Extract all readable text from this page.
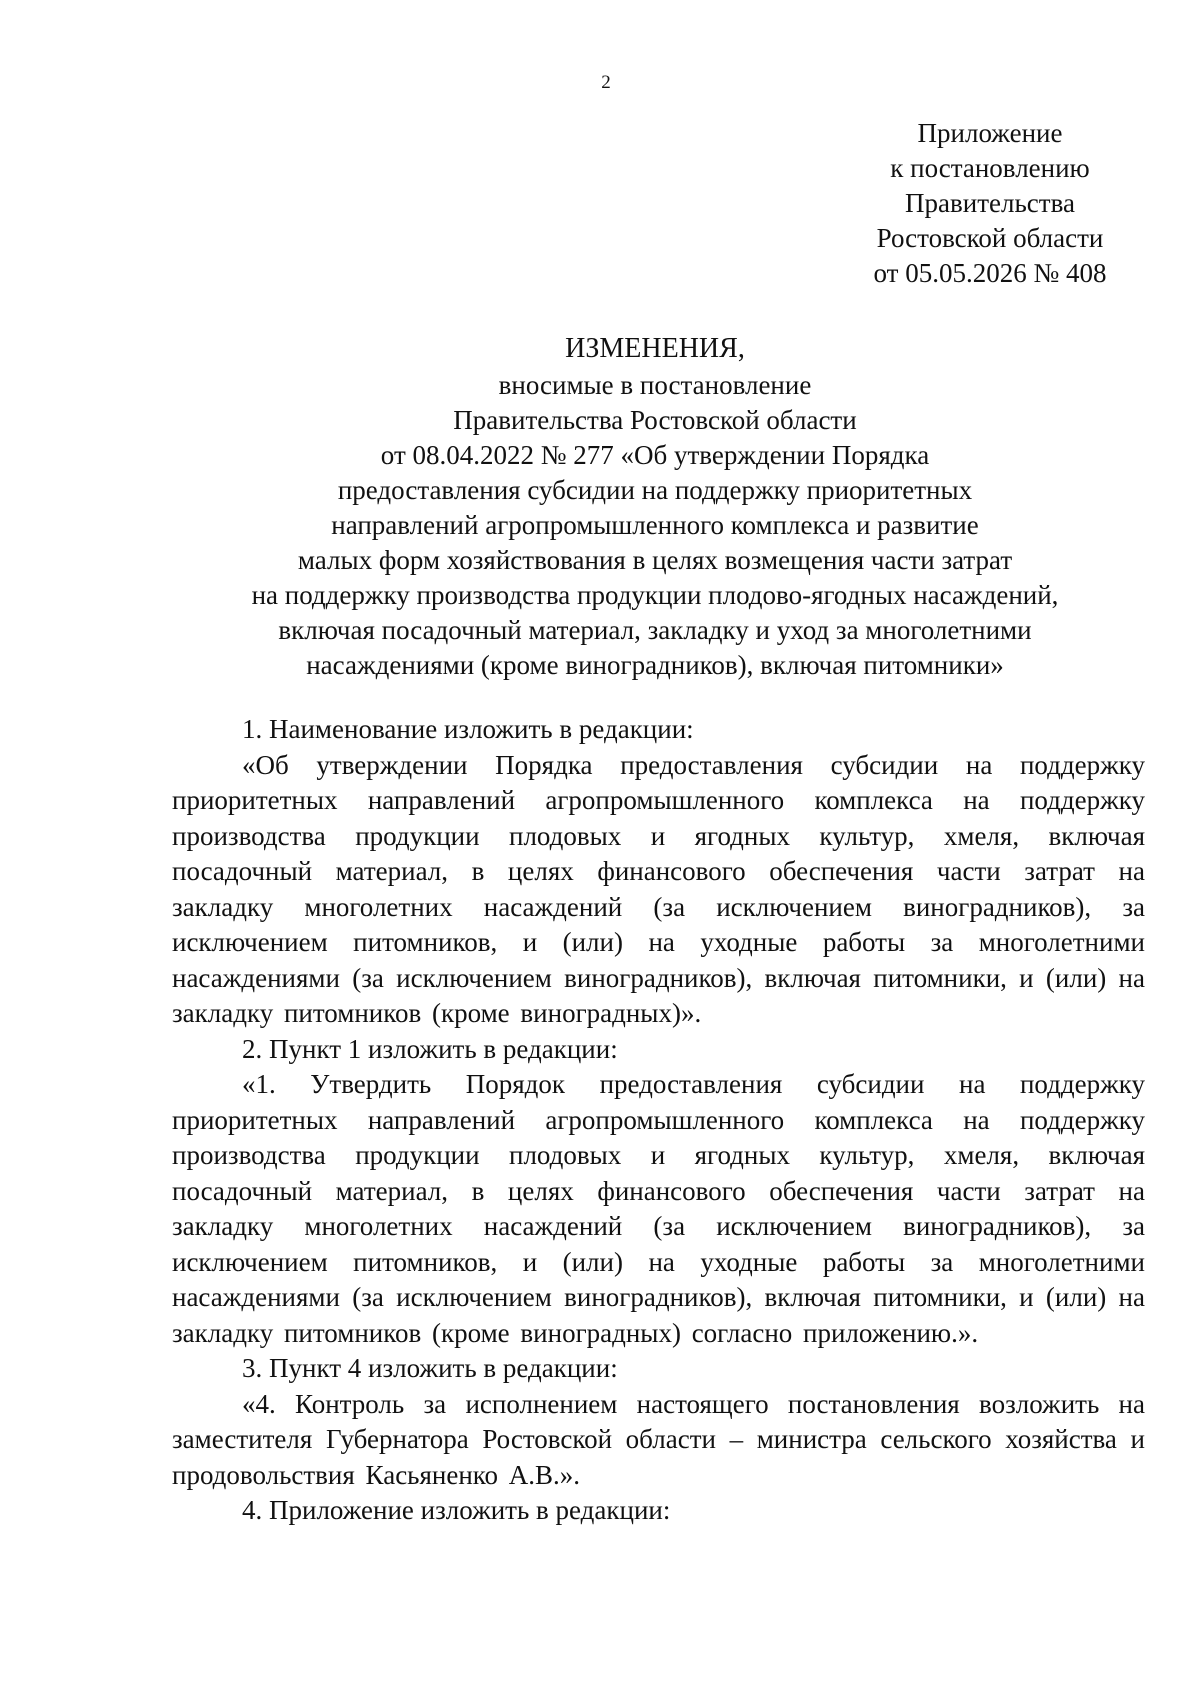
2
Приложение
к постановлению
Правительства
Ростовской области
от 05.05.2026 № 408
ИЗМЕНЕНИЯ,
вносимые в постановление
Правительства Ростовской области
от 08.04.2022 № 277 «Об утверждении Порядка
предоставления субсидии на поддержку приоритетных
направлений агропромышленного комплекса и развитие
малых форм хозяйствования в целях возмещения части затрат
на поддержку производства продукции плодово-ягодных насаждений,
включая посадочный материал, закладку и уход за многолетними
насаждениями (кроме виноградников), включая питомники»

1. Наименование изложить в редакции:

«Об утверждении Порядка предоставления субсидии на поддержку приоритетных направлений агропромышленного комплекса на поддержку производства продукции плодовых и ягодных культур, хмеля, включая посадочный материал, в целях финансового обеспечения части затрат на закладку многолетних насаждений (за исключением виноградников), за исключением питомников, и (или) на уходные работы за многолетними насаждениями (за исключением виноградников), включая питомники, и (или) на закладку питомников (кроме виноградных)».

2. Пункт 1 изложить в редакции:

«1. Утвердить Порядок предоставления субсидии на поддержку приоритетных направлений агропромышленного комплекса на поддержку производства продукции плодовых и ягодных культур, хмеля, включая посадочный материал, в целях финансового обеспечения части затрат на закладку многолетних насаждений (за исключением виноградников), за исключением питомников, и (или) на уходные работы за многолетними насаждениями (за исключением виноградников), включая питомники, и (или) на закладку питомников (кроме виноградных) согласно приложению.».

3. Пункт 4 изложить в редакции:

«4. Контроль за исполнением настоящего постановления возложить на заместителя Губернатора Ростовской области – министра сельского хозяйства и продовольствия Касьяненко А.В.».

4. Приложение изложить в редакции:
